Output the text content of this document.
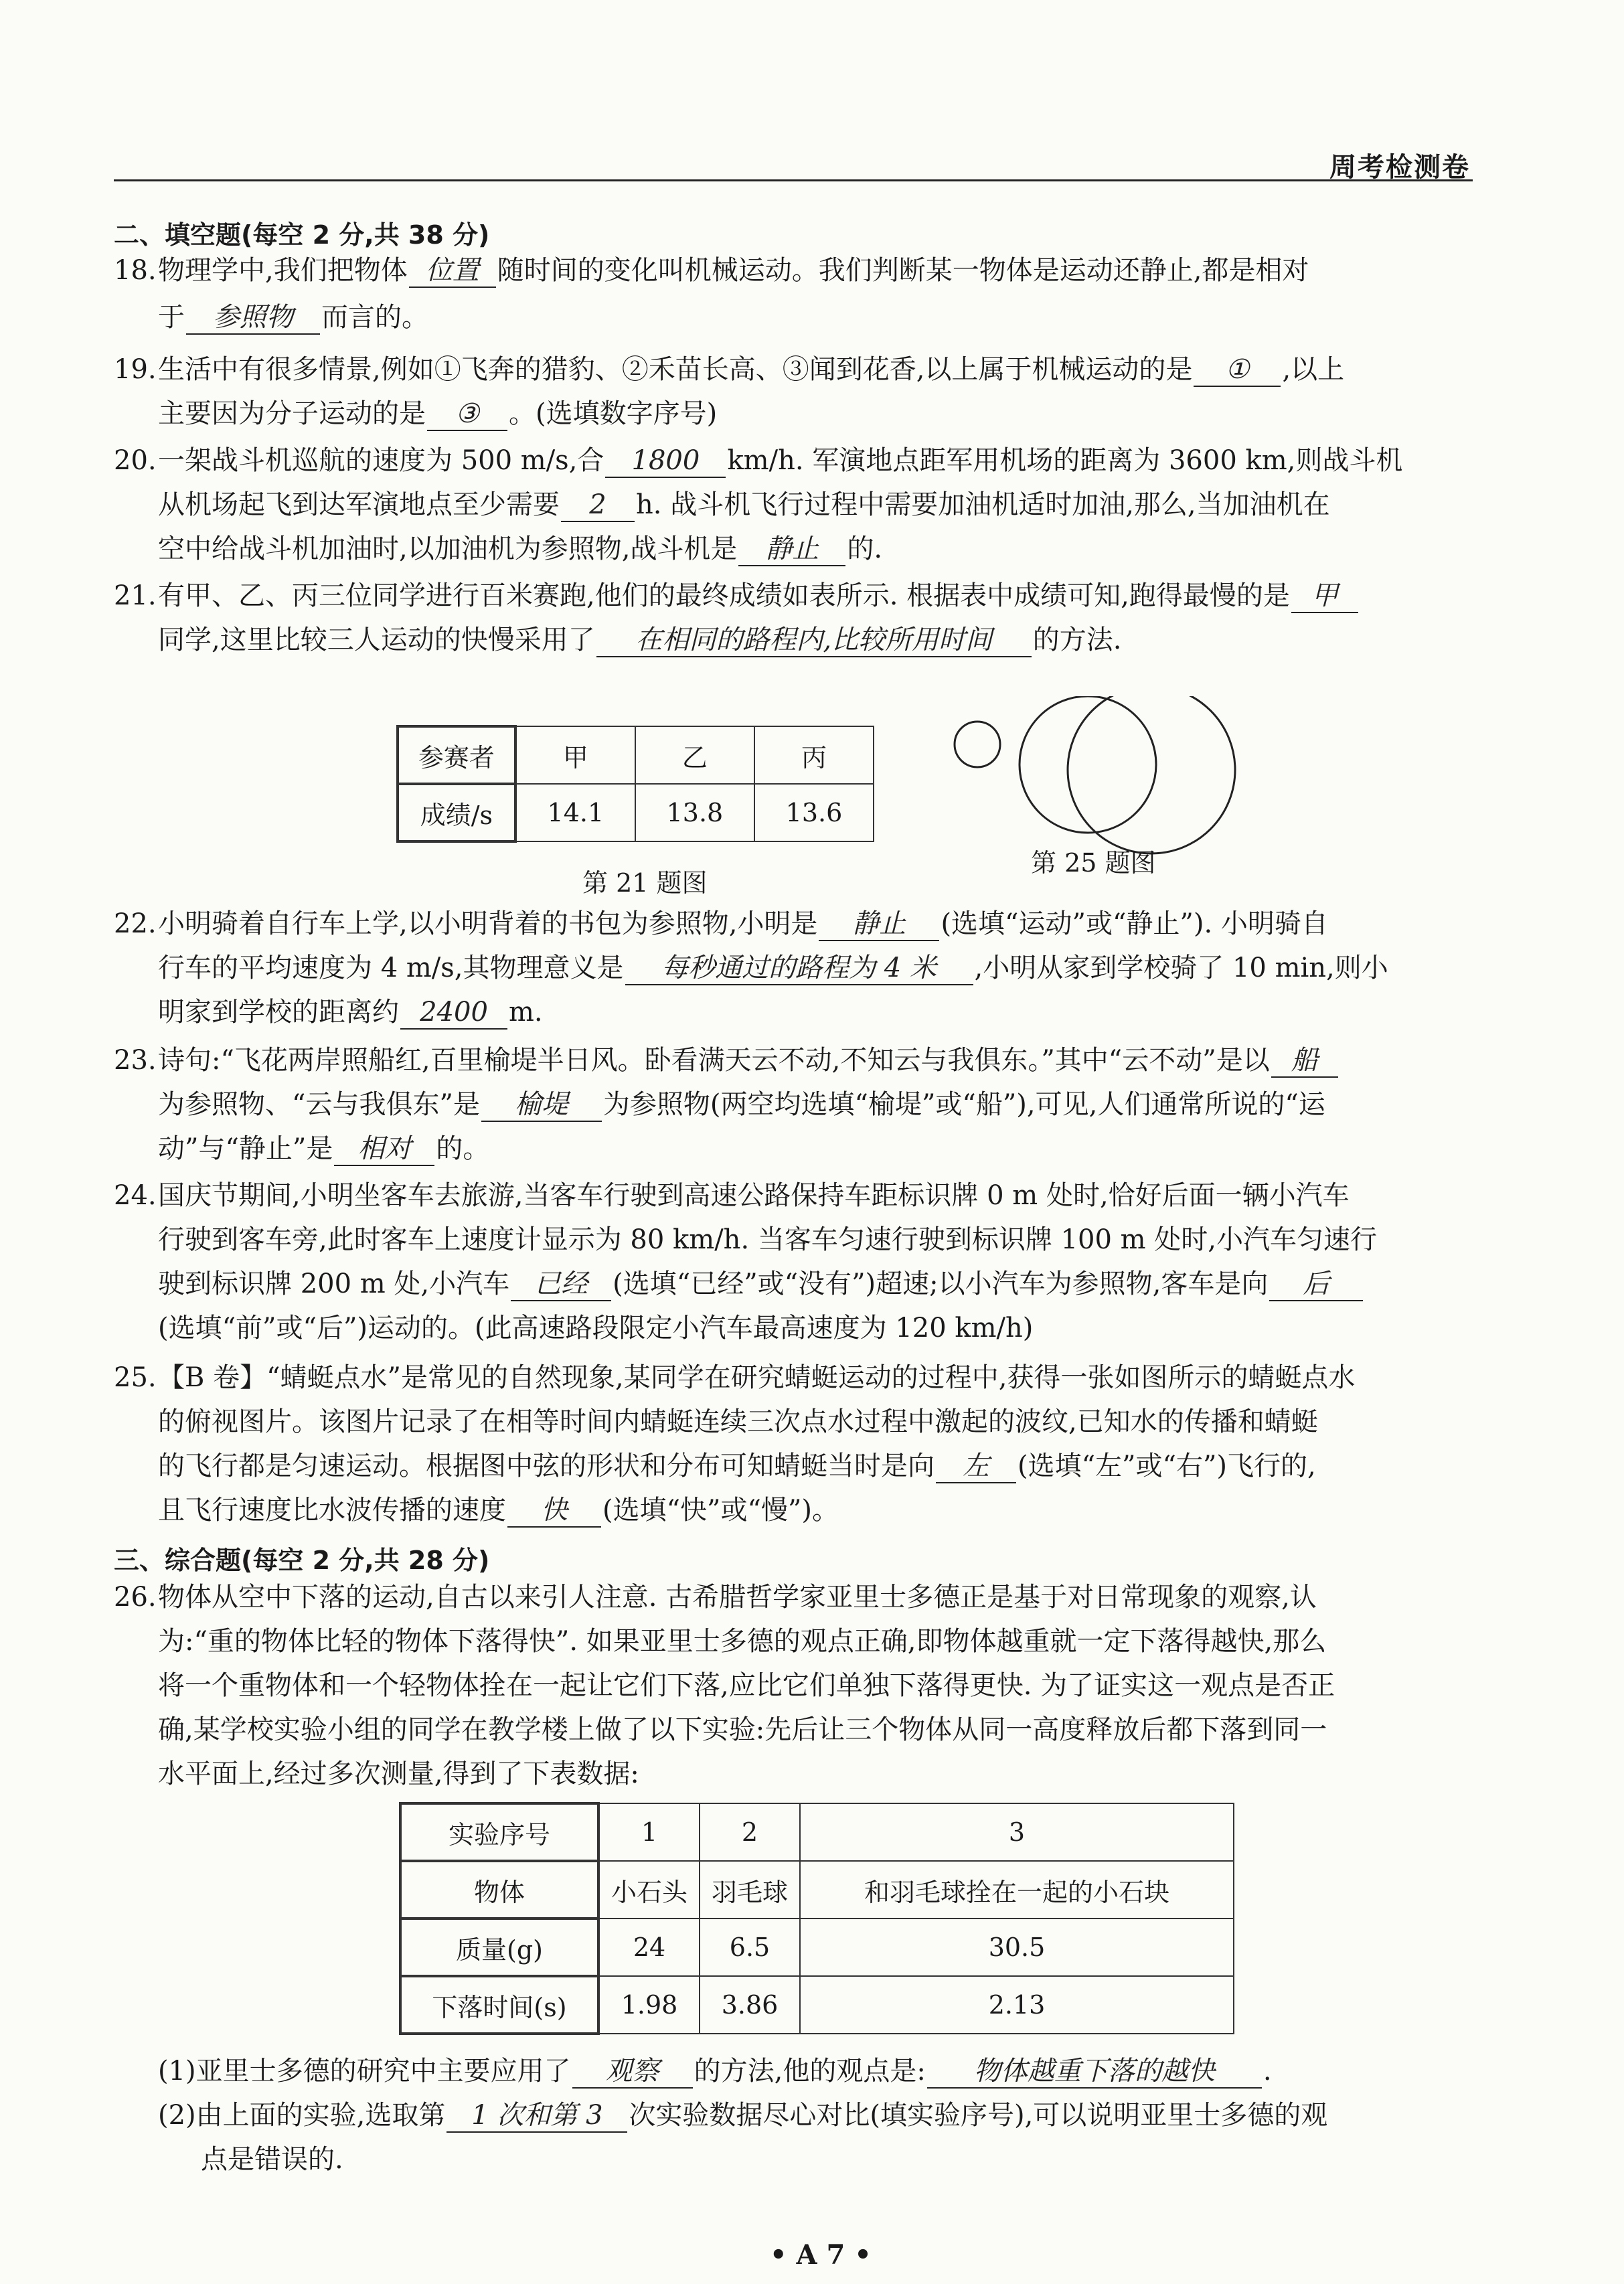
周考检测卷
二、填空题(每空 2 分,共 38 分)
18.物理学中,我们把物体 位置 随时间的变化叫机械运动。我们判断某一物体是运动还静止,都是相对
于 参照物 而言的。
19.生活中有很多情景,例如①飞奔的猎豹、②禾苗长高、③闻到花香,以上属于机械运动的是 ① ,以上
主要因为分子运动的是 ③ 。(选填数字序号)
20.一架战斗机巡航的速度为 500 m/s,合 1800 km/h. 军演地点距军用机场的距离为 3600 km,则战斗机
从机场起飞到达军演地点至少需要 2 h. 战斗机飞行过程中需要加油机适时加油,那么,当加油机在
空中给战斗机加油时,以加油机为参照物,战斗机是 静止 的.
21.有甲、乙、丙三位同学进行百米赛跑,他们的最终成绩如表所示. 根据表中成绩可知,跑得最慢的是 甲
同学,这里比较三人运动的快慢采用了 在相同的路程内,比较所用时间 的方法.
参赛者	甲	乙	丙
成绩/s	14.1	13.8	13.6
第 21 题图
第 25 题图
22.小明骑着自行车上学,以小明背着的书包为参照物,小明是 静止 (选填“运动”或“静止”). 小明骑自
行车的平均速度为 4 m/s,其物理意义是 每秒通过的路程为 4 米 ,小明从家到学校骑了 10 min,则小
明家到学校的距离约 2400 m.
23.诗句:“飞花两岸照船红,百里榆堤半日风。卧看满天云不动,不知云与我俱东。”其中“云不动”是以 船
为参照物、“云与我俱东”是 榆堤 为参照物(两空均选填“榆堤”或“船”),可见,人们通常所说的“运
动”与“静止”是 相对 的。
24.国庆节期间,小明坐客车去旅游,当客车行驶到高速公路保持车距标识牌 0 m 处时,恰好后面一辆小汽车
行驶到客车旁,此时客车上速度计显示为 80 km/h. 当客车匀速行驶到标识牌 100 m 处时,小汽车匀速行
驶到标识牌 200 m 处,小汽车 已经 (选填“已经”或“没有”)超速;以小汽车为参照物,客车是向 后
(选填“前”或“后”)运动的。(此高速路段限定小汽车最高速度为 120 km/h)
25.【B 卷】“蜻蜓点水”是常见的自然现象,某同学在研究蜻蜓运动的过程中,获得一张如图所示的蜻蜓点水
的俯视图片。该图片记录了在相等时间内蜻蜓连续三次点水过程中激起的波纹,已知水的传播和蜻蜓
的飞行都是匀速运动。根据图中弦的形状和分布可知蜻蜓当时是向 左 (选填“左”或“右”)飞行的,
且飞行速度比水波传播的速度 快 (选填“快”或“慢”)。
三、综合题(每空 2 分,共 28 分)
26.物体从空中下落的运动,自古以来引人注意. 古希腊哲学家亚里士多德正是基于对日常现象的观察,认
为:“重的物体比轻的物体下落得快”. 如果亚里士多德的观点正确,即物体越重就一定下落得越快,那么
将一个重物体和一个轻物体拴在一起让它们下落,应比它们单独下落得更快. 为了证实这一观点是否正
确,某学校实验小组的同学在教学楼上做了以下实验:先后让三个物体从同一高度释放后都下落到同一
水平面上,经过多次测量,得到了下表数据:
实验序号	1	2	3
物体	小石头	羽毛球	和羽毛球拴在一起的小石块
质量(g)	24	6.5	30.5
下落时间(s)	1.98	3.86	2.13
(1)亚里士多德的研究中主要应用了 观察 的方法,他的观点是: 物体越重下落的越快 .
(2)由上面的实验,选取第 1 次和第 3 次实验数据尽心对比(填实验序号),可以说明亚里士多德的观
点是错误的.
• A 7 •
